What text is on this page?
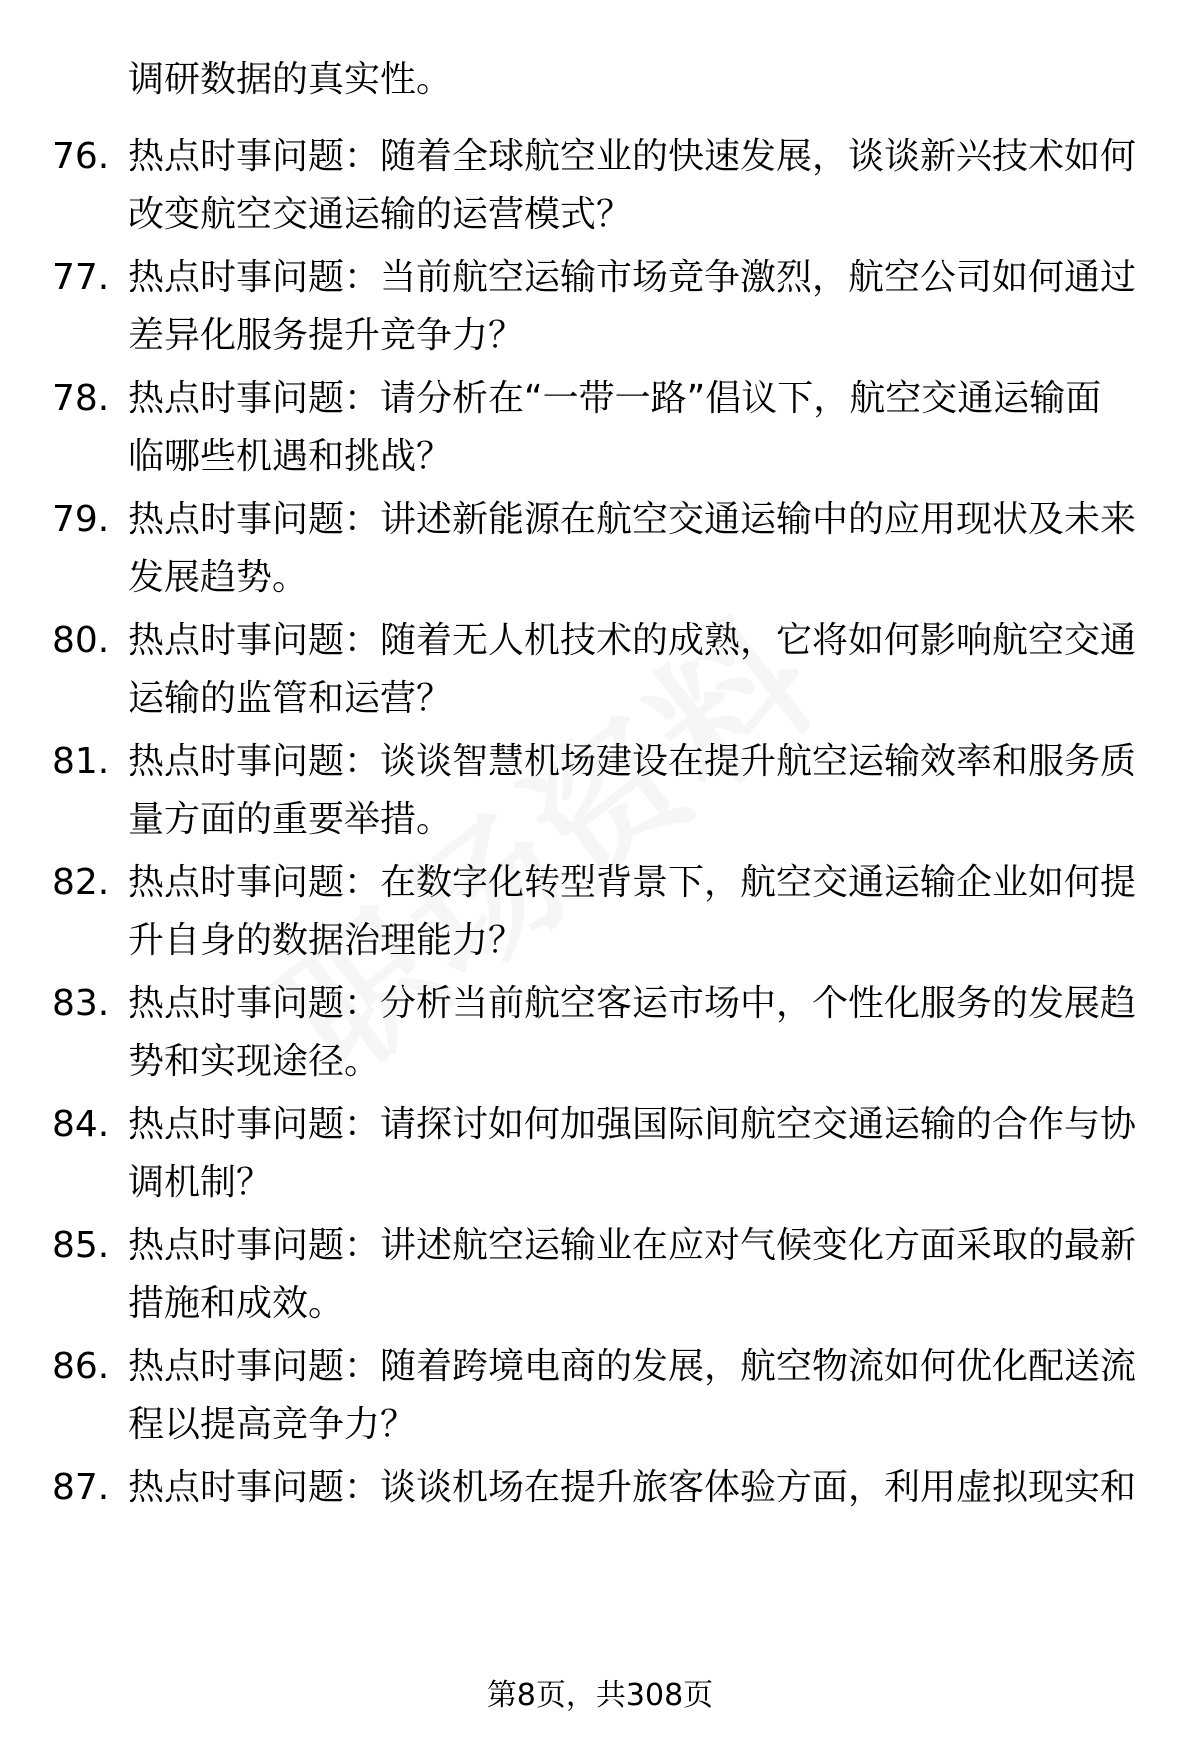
调研数据的真实性。
76. 热点时事问题：随着全球航空业的快速发展，谈谈新兴技术如何
改变航空交通运输的运营模式？
77. 热点时事问题：当前航空运输市场竞争激烈，航空公司如何通过
差异化服务提升竞争力？
78. 热点时事问题：请分析在“一带一路”倡议下，航空交通运输面
临哪些机遇和挑战？
79. 热点时事问题：讲述新能源在航空交通运输中的应用现状及未来
发展趋势。
80. 热点时事问题：随着无人机技术的成熟，它将如何影响航空交通
运输的监管和运营？
81. 热点时事问题：谈谈智慧机场建设在提升航空运输效率和服务质
量方面的重要举措。
82. 热点时事问题：在数字化转型背景下，航空交通运输企业如何提
升自身的数据治理能力？
83. 热点时事问题：分析当前航空客运市场中，个性化服务的发展趋
势和实现途径。
84. 热点时事问题：请探讨如何加强国际间航空交通运输的合作与协
调机制？
85. 热点时事问题：讲述航空运输业在应对气候变化方面采取的最新
措施和成效。
86. 热点时事问题：随着跨境电商的发展，航空物流如何优化配送流
程以提高竞争力？
87. 热点时事问题：谈谈机场在提升旅客体验方面，利用虚拟现实和
第8页，共308页
